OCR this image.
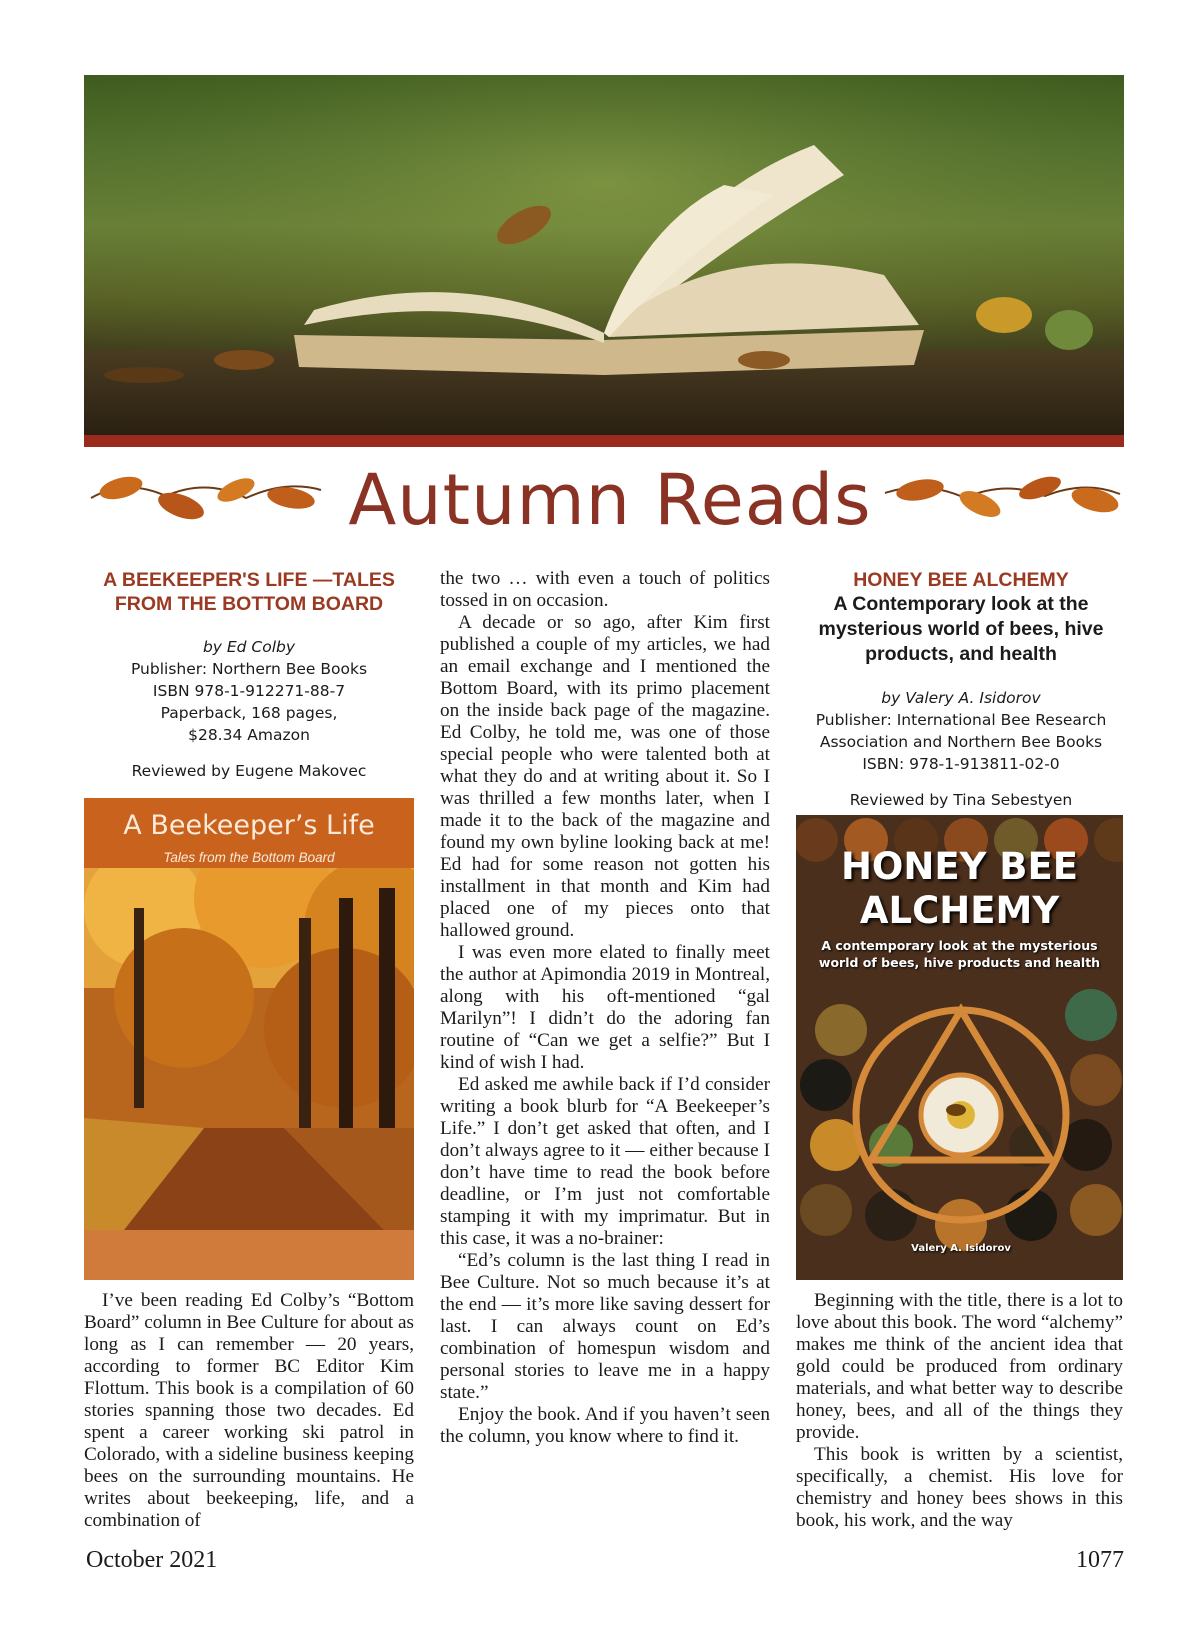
Autumn Reads
A BEEKEEPER'S LIFE —TALES FROM THE BOTTOM BOARD
by Ed Colby
Publisher: Northern Bee Books
ISBN 978-1-912271-88-7
Paperback, 168 pages,
$28.34 Amazon
Reviewed by Eugene Makovec
A Beekeeper’s Life
Tales from the Bottom Board

I’ve been reading Ed Colby’s “Bottom Board” column in Bee Culture for about as long as I can remember — 20 years, according to former BC Editor Kim Flottum. This book is a compilation of 60 stories spanning those two decades. Ed spent a career working ski patrol in Colorado, with a sideline business keeping bees on the surrounding mountains. He writes about beekeeping, life, and a combination of

the two … with even a touch of politics tossed in on occasion.

A decade or so ago, after Kim first published a couple of my articles, we had an email exchange and I mentioned the Bottom Board, with its primo placement on the inside back page of the magazine. Ed Colby, he told me, was one of those special people who were talented both at what they do and at writing about it. So I was thrilled a few months later, when I made it to the back of the magazine and found my own byline looking back at me! Ed had for some reason not gotten his installment in that month and Kim had placed one of my pieces onto that hallowed ground.

I was even more elated to finally meet the author at Apimondia 2019 in Montreal, along with his oft-mentioned “gal Marilyn”! I didn’t do the adoring fan routine of “Can we get a selfie?” But I kind of wish I had.

Ed asked me awhile back if I’d consider writing a book blurb for “A Beekeeper’s Life.” I don’t get asked that often, and I don’t always agree to it — either because I don’t have time to read the book before deadline, or I’m just not comfortable stamping it with my imprimatur. But in this case, it was a no-brainer:

“Ed’s column is the last thing I read in Bee Culture. Not so much because it’s at the end — it’s more like saving dessert for last. I can always count on Ed’s combination of homespun wisdom and personal stories to leave me in a happy state.”

Enjoy the book. And if you haven’t seen the column, you know where to find it.

HONEY BEE ALCHEMY
A Contemporary look at the mysterious world of bees, hive products, and health
by Valery A. Isidorov
Publisher: International Bee Research Association and Northern Bee Books
ISBN: 978-1-913811-02-0
Reviewed by Tina Sebestyen
HONEY BEE ALCHEMY
A contemporary look at the mysterious world of bees, hive products and health
Valery A. Isidorov

Beginning with the title, there is a lot to love about this book. The word “alchemy” makes me think of the ancient idea that gold could be produced from ordinary materials, and what better way to describe honey, bees, and all of the things they provide.

This book is written by a scientist, specifically, a chemist. His love for chemistry and honey bees shows in this book, his work, and the way

October 2021	1077
